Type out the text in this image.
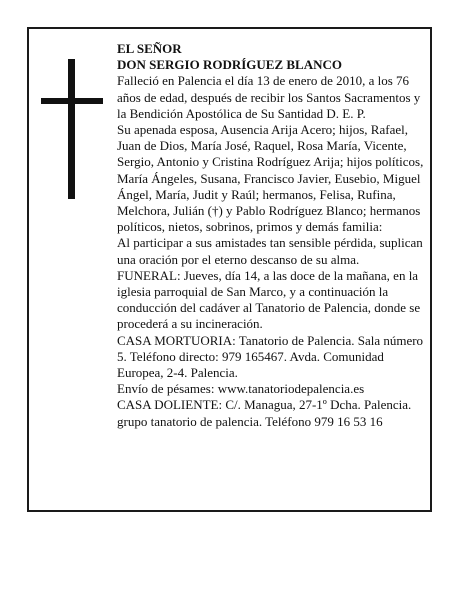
EL SEÑOR

DON SERGIO RODRÍGUEZ BLANCO

Falleció en Palencia el día 13 de enero de 2010, a los 76 años de edad, después de recibir los Santos Sacramentos y la Bendición Apostólica de Su Santidad D. E. P.

Su apenada esposa, Ausencia Arija Acero; hijos, Rafael, Juan de Dios, María José, Raquel, Rosa María, Vicente, Sergio, Antonio y Cristina Rodríguez Arija; hijos políticos, María Ángeles, Susana, Francisco Javier, Eusebio, Miguel Ángel, María, Judit y Raúl; hermanos, Felisa, Rufina, Melchora, Julián (†) y Pablo Rodríguez Blanco; hermanos políticos, nietos, sobrinos, primos y demás familia:

Al participar a sus amistades tan sensible pérdida, suplican una oración por el eterno descanso de su alma.

FUNERAL: Jueves, día 14, a las doce de la mañana, en la iglesia parroquial de San Marco, y a continuación la conducción del cadáver al Tanatorio de Palencia, donde se procederá a su incineración.

CASA MORTUORIA: Tanatorio de Palencia. Sala número 5. Teléfono directo: 979 165467. Avda. Comunidad Europea, 2-4. Palencia.

Envío de pésames: www.tanatoriodepalencia.es

CASA DOLIENTE: C/. Managua, 27-1º Dcha. Palencia.

grupo tanatorio de palencia. Teléfono 979 16 53 16
